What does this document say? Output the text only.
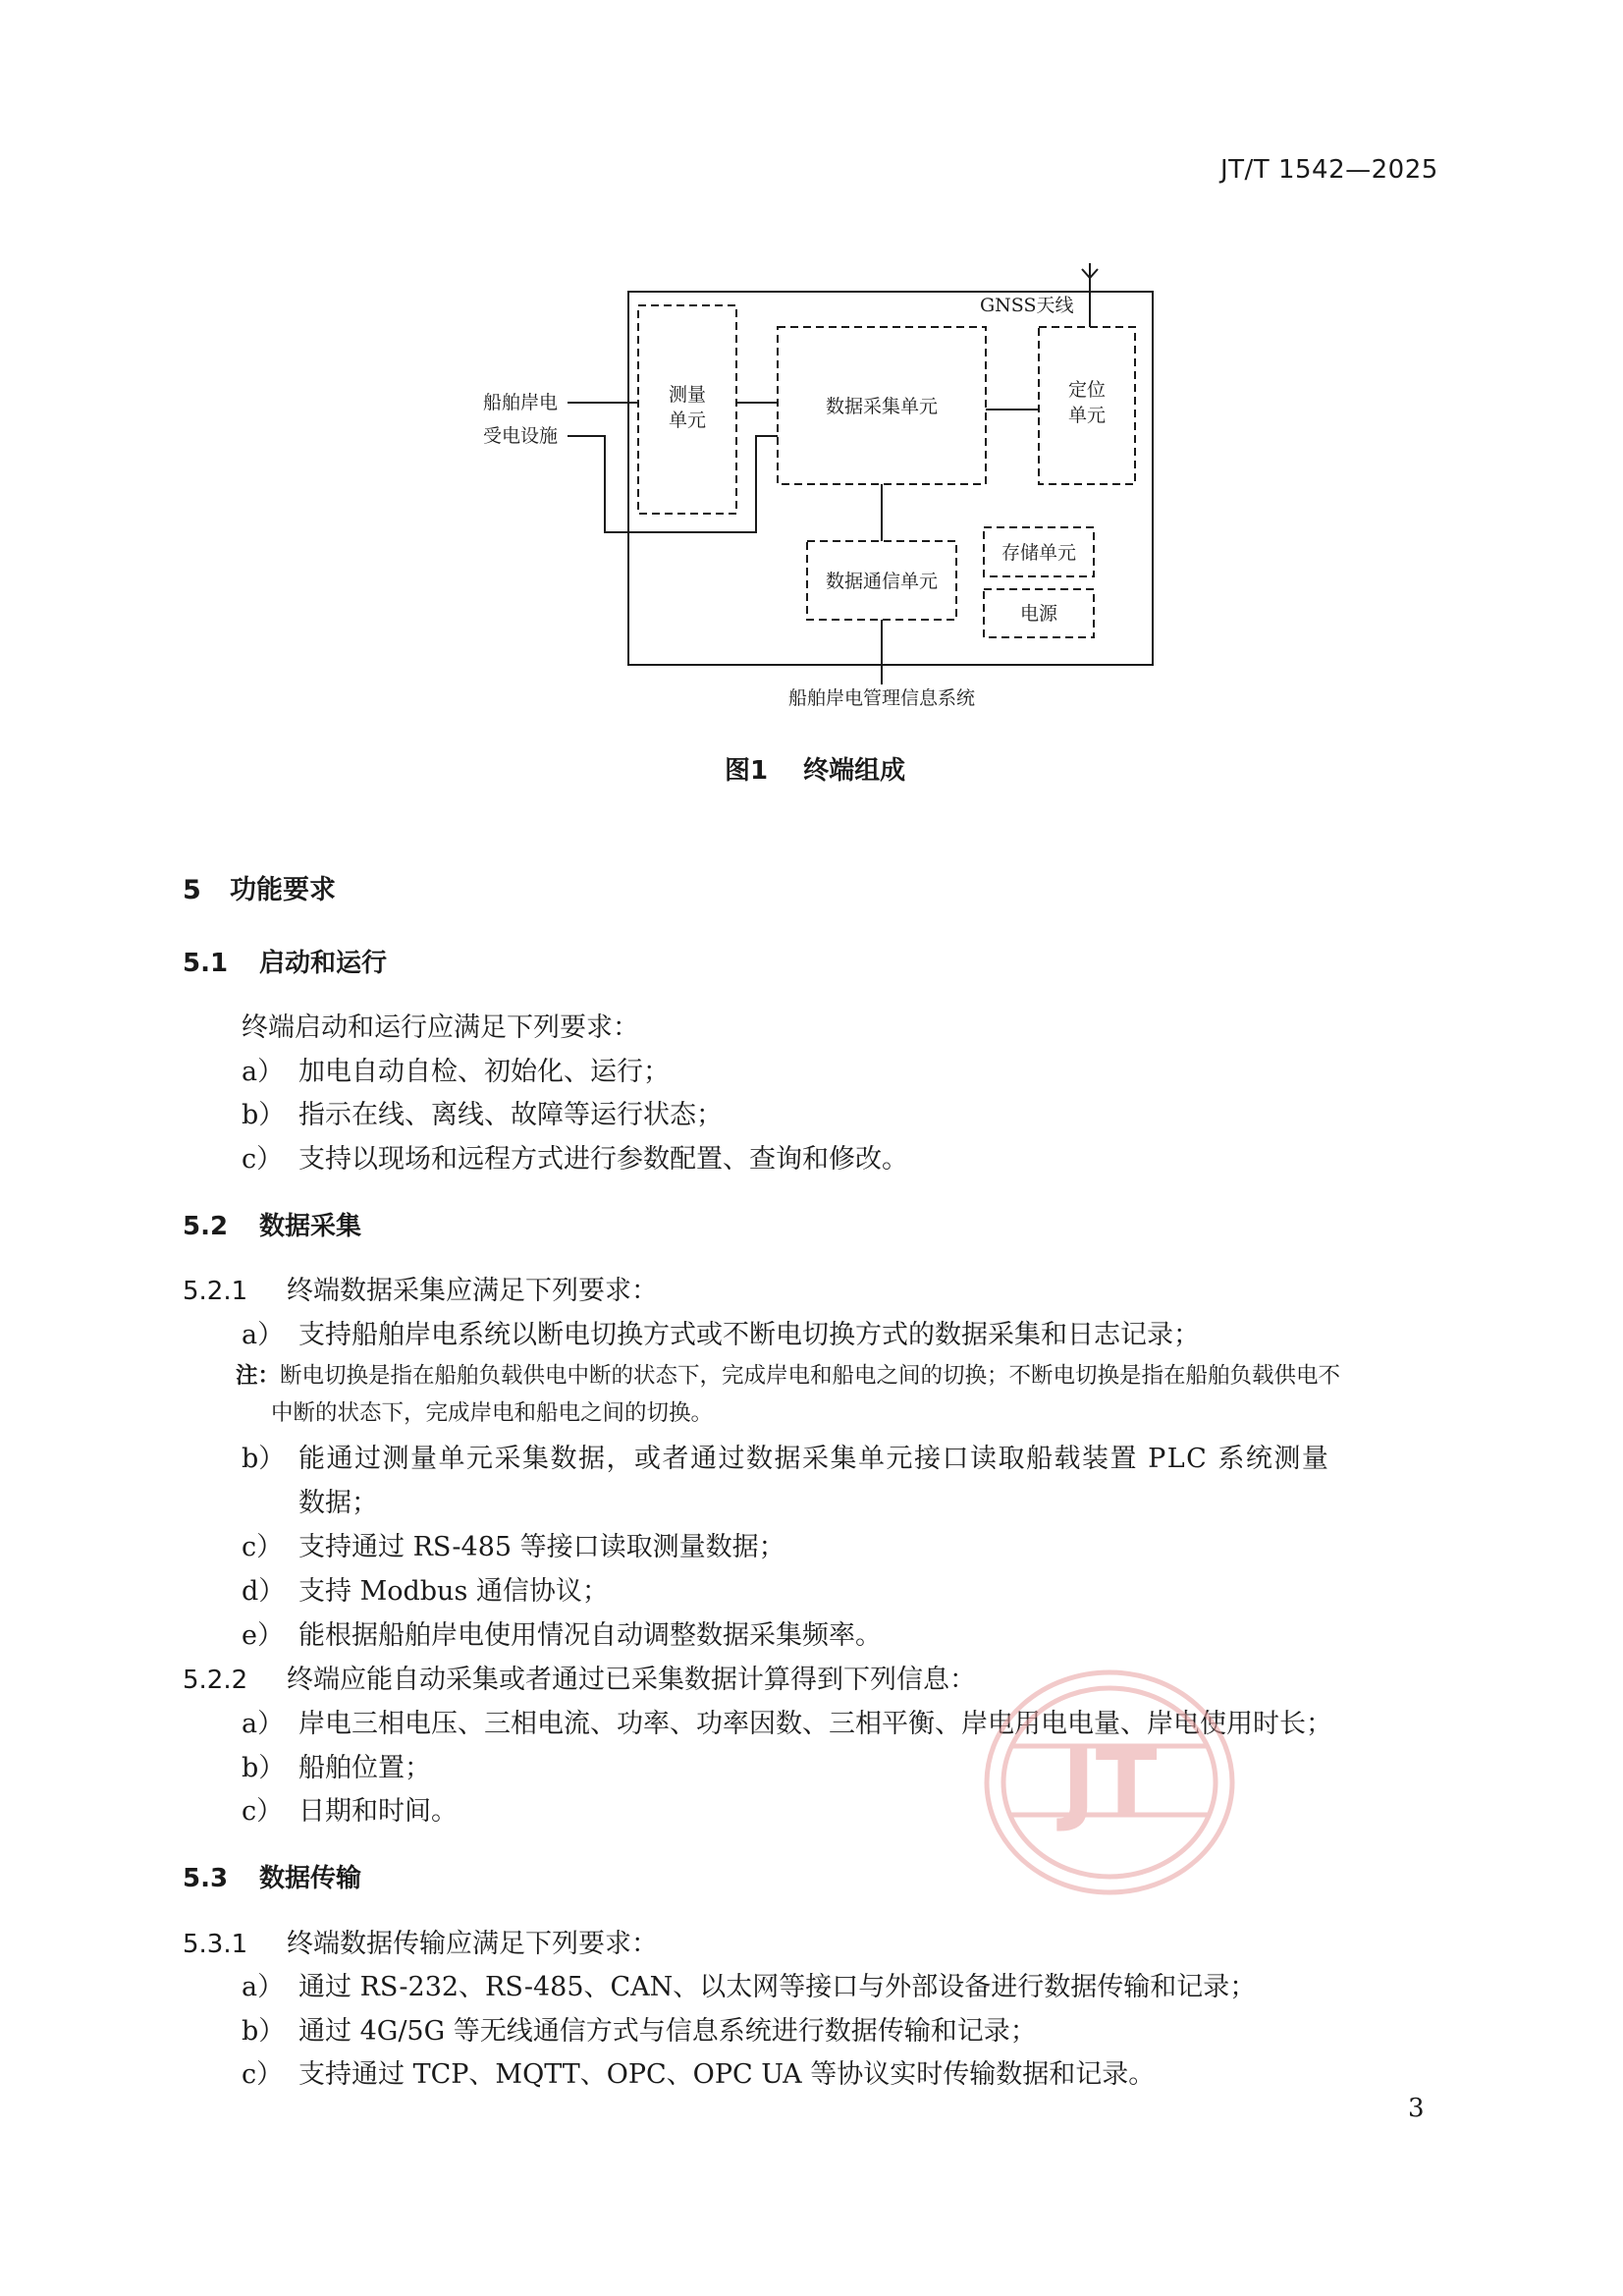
JT/T 1542—2025
GNSS天线
船舶岸电
受电设施
测量
单元
数据采集单元
定位
单元
数据通信单元
存储单元
电源
船舶岸电管理信息系统
图1 终端组成
5 功能要求
5.1 启动和运行
终端启动和运行应满足下列要求：
a） 加电自动自检、初始化、运行；
b） 指示在线、离线、故障等运行状态；
c） 支持以现场和远程方式进行参数配置、查询和修改。
5.2 数据采集
5.2.1 终端数据采集应满足下列要求：
a） 支持船舶岸电系统以断电切换方式或不断电切换方式的数据采集和日志记录；
注：断电切换是指在船舶负载供电中断的状态下，完成岸电和船电之间的切换；不断电切换是指在船舶负载供电不
中断的状态下，完成岸电和船电之间的切换。
b） 能通过测量单元采集数据，或者通过数据采集单元接口读取船载装置 PLC 系统测量
数据；
c） 支持通过 RS-485 等接口读取测量数据；
d） 支持 Modbus 通信协议；
e） 能根据船舶岸电使用情况自动调整数据采集频率。
5.2.2 终端应能自动采集或者通过已采集数据计算得到下列信息：
a） 岸电三相电压、三相电流、功率、功率因数、三相平衡、岸电用电电量、岸电使用时长；
b） 船舶位置；
c） 日期和时间。
5.3 数据传输
5.3.1 终端数据传输应满足下列要求：
a） 通过 RS-232、RS-485、CAN、以太网等接口与外部设备进行数据传输和记录；
b） 通过 4G/5G 等无线通信方式与信息系统进行数据传输和记录；
c） 支持通过 TCP、MQTT、OPC、OPC UA 等协议实时传输数据和记录。
JT
3
